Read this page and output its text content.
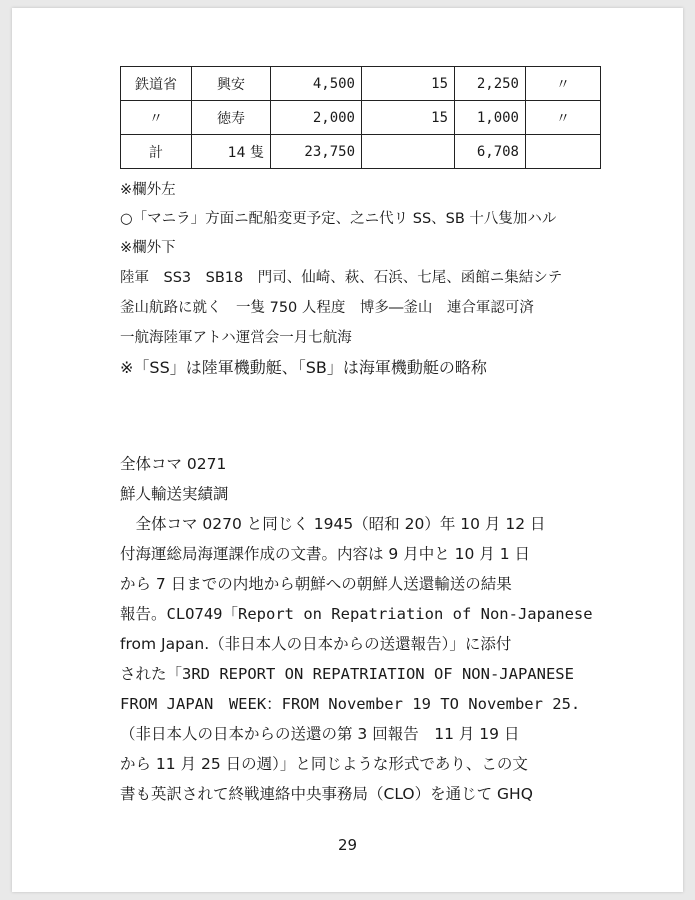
鉄道省	興安	4,500	15	2,250	〃
〃	徳寿	2,000	15	1,000	〃
計	14 隻	23,750		6,708	
※欄外左
○「マニラ」方面ニ配船変更予定、之ニ代リ SS、SB 十八隻加ハル
※欄外下
陸軍　SS3　SB18　門司、仙崎、萩、石浜、七尾、函館ニ集結シテ
釜山航路に就く　一隻 750 人程度　博多―釜山　連合軍認可済
一航海陸軍アトハ運営会一月七航海
※「SS」は陸軍機動艇、「SB」は海軍機動艇の略称
全体コマ 0271
鮮人輸送実績調
　全体コマ 0270 と同じく 1945（昭和 20）年 10 月 12 日
付海運総局海運課作成の文書。内容は 9 月中と 10 月 1 日
から 7 日までの内地から朝鮮への朝鮮人送還輸送の結果
報告。CLO749「Report on Repatriation of Non-Japanese
from Japan.（非日本人の日本からの送還報告）」に添付
された「3RD REPORT ON REPATRIATION OF NON-JAPANESE
FROM JAPAN　WEEK：FROM November 19 TO November 25.
（非日本人の日本からの送還の第 3 回報告　11 月 19 日
から 11 月 25 日の週）」と同じような形式であり、この文
書も英訳されて終戦連絡中央事務局（CLO）を通じて GHQ
29
